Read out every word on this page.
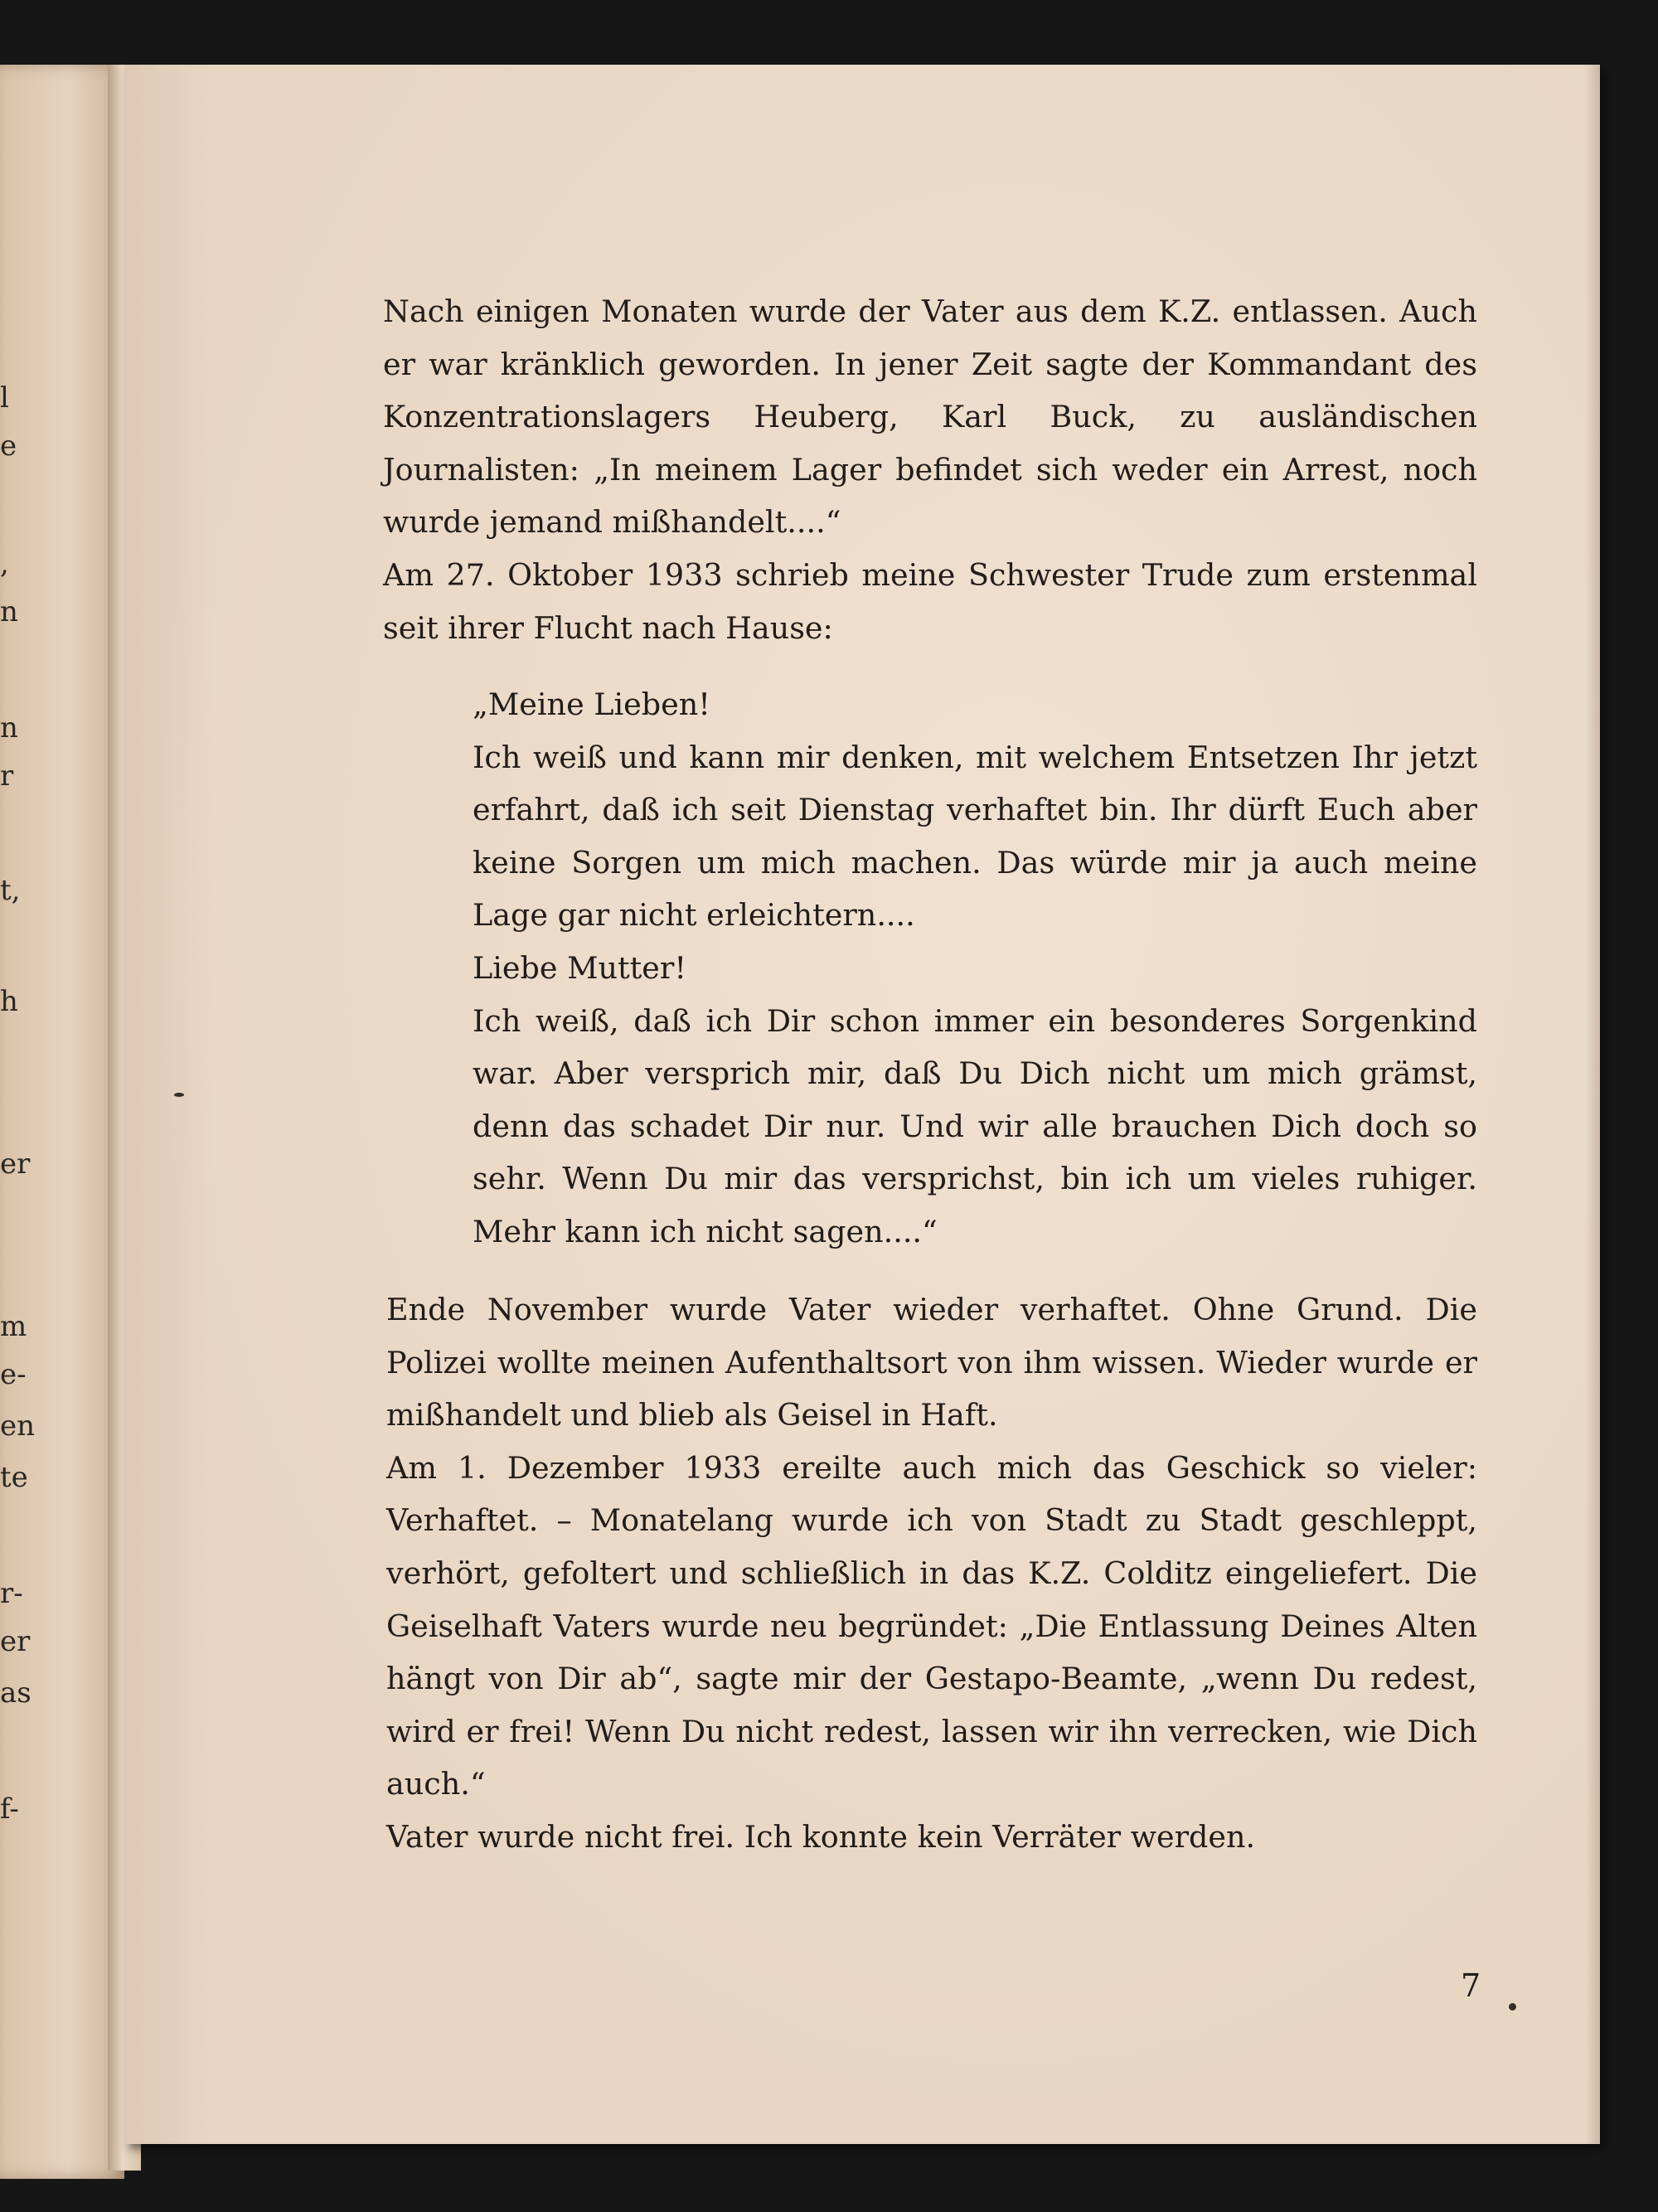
l
e
,
n
n
r
t,
h
er
m
e-
en
te
r-
er
as
f-

Nach einigen Monaten wurde der Vater aus dem K.Z. entlassen. Auch er war kränklich geworden. In jener Zeit sagte der Kommandant des Konzentrationslagers Heuberg, Karl Buck, zu ausländischen Journalisten: „In meinem Lager befindet sich weder ein Arrest, noch wurde jemand mißhandelt....“

Am 27. Oktober 1933 schrieb meine Schwester Trude zum erstenmal seit ihrer Flucht nach Hause:

„Meine Lieben!

Ich weiß und kann mir denken, mit welchem Entsetzen Ihr jetzt erfahrt, daß ich seit Dienstag verhaftet bin. Ihr dürft Euch aber keine Sorgen um mich machen. Das würde mir ja auch meine Lage gar nicht erleichtern....

Liebe Mutter!

Ich weiß, daß ich Dir schon immer ein besonderes Sorgenkind war. Aber versprich mir, daß Du Dich nicht um mich grämst, denn das schadet Dir nur. Und wir alle brauchen Dich doch so sehr. Wenn Du mir das versprichst, bin ich um vieles ruhiger. Mehr kann ich nicht sagen....“

Ende November wurde Vater wieder verhaftet. Ohne Grund. Die Polizei wollte meinen Aufenthaltsort von ihm wissen. Wieder wurde er mißhandelt und blieb als Geisel in Haft.

Am 1. Dezember 1933 ereilte auch mich das Geschick so vieler: Verhaftet. – Monatelang wurde ich von Stadt zu Stadt geschleppt, verhört, gefoltert und schließlich in das K.Z. Colditz eingeliefert. Die Geiselhaft Vaters wurde neu begründet: „Die Entlassung Deines Alten hängt von Dir ab“, sagte mir der Gestapo-Beamte, „wenn Du redest, wird er frei! Wenn Du nicht redest, lassen wir ihn verrecken, wie Dich auch.“

Vater wurde nicht frei. Ich konnte kein Verräter werden.

7
